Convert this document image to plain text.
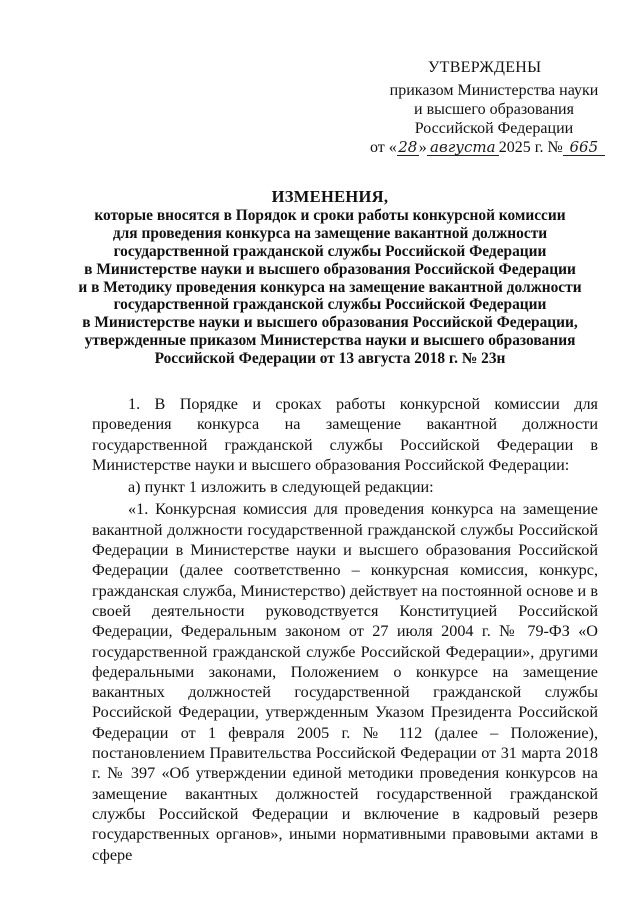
УТВЕРЖДЕНЫ
приказом Министерства науки
и высшего образования
Российской Федерации
от «28» августа 2025 г. № 665
ИЗМЕНЕНИЯ,
которые вносятся в Порядок и сроки работы конкурсной комиссии
для проведения конкурса на замещение вакантной должности
государственной гражданской службы Российской Федерации
в Министерстве науки и высшего образования Российской Федерации
и в Методику проведения конкурса на замещение вакантной должности
государственной гражданской службы Российской Федерации
в Министерстве науки и высшего образования Российской Федерации,
утвержденные приказом Министерства науки и высшего образования
Российской Федерации от 13 августа 2018 г. № 23н

1. В Порядке и сроках работы конкурсной комиссии для проведения конкурса на замещение вакантной должности государственной гражданской службы Российской Федерации в Министерстве науки и высшего образования Российской Федерации:

а) пункт 1 изложить в следующей редакции:

«1. Конкурсная комиссия для проведения конкурса на замещение вакантной должности государственной гражданской службы Российской Федерации в Министерстве науки и высшего образования Российской Федерации (далее соответственно – конкурсная комиссия, конкурс, гражданская служба, Министерство) действует на постоянной основе и в своей деятельности руководствуется Конституцией Российской Федерации, Федеральным законом от 27 июля 2004 г. № 79-ФЗ «О государственной гражданской службе Российской Федерации», другими федеральными законами, Положением о конкурсе на замещение вакантных должностей государственной гражданской службы Российской Федерации, утвержденным Указом Президента Российской Федерации от 1 февраля 2005 г. № 112 (далее – Положение), постановлением Правительства Российской Федерации от 31 марта 2018 г. № 397 «Об утверждении единой методики проведения конкурсов на замещение вакантных должностей государственной гражданской службы Российской Федерации и включение в кадровый резерв государственных органов», иными нормативными правовыми актами в сфере
